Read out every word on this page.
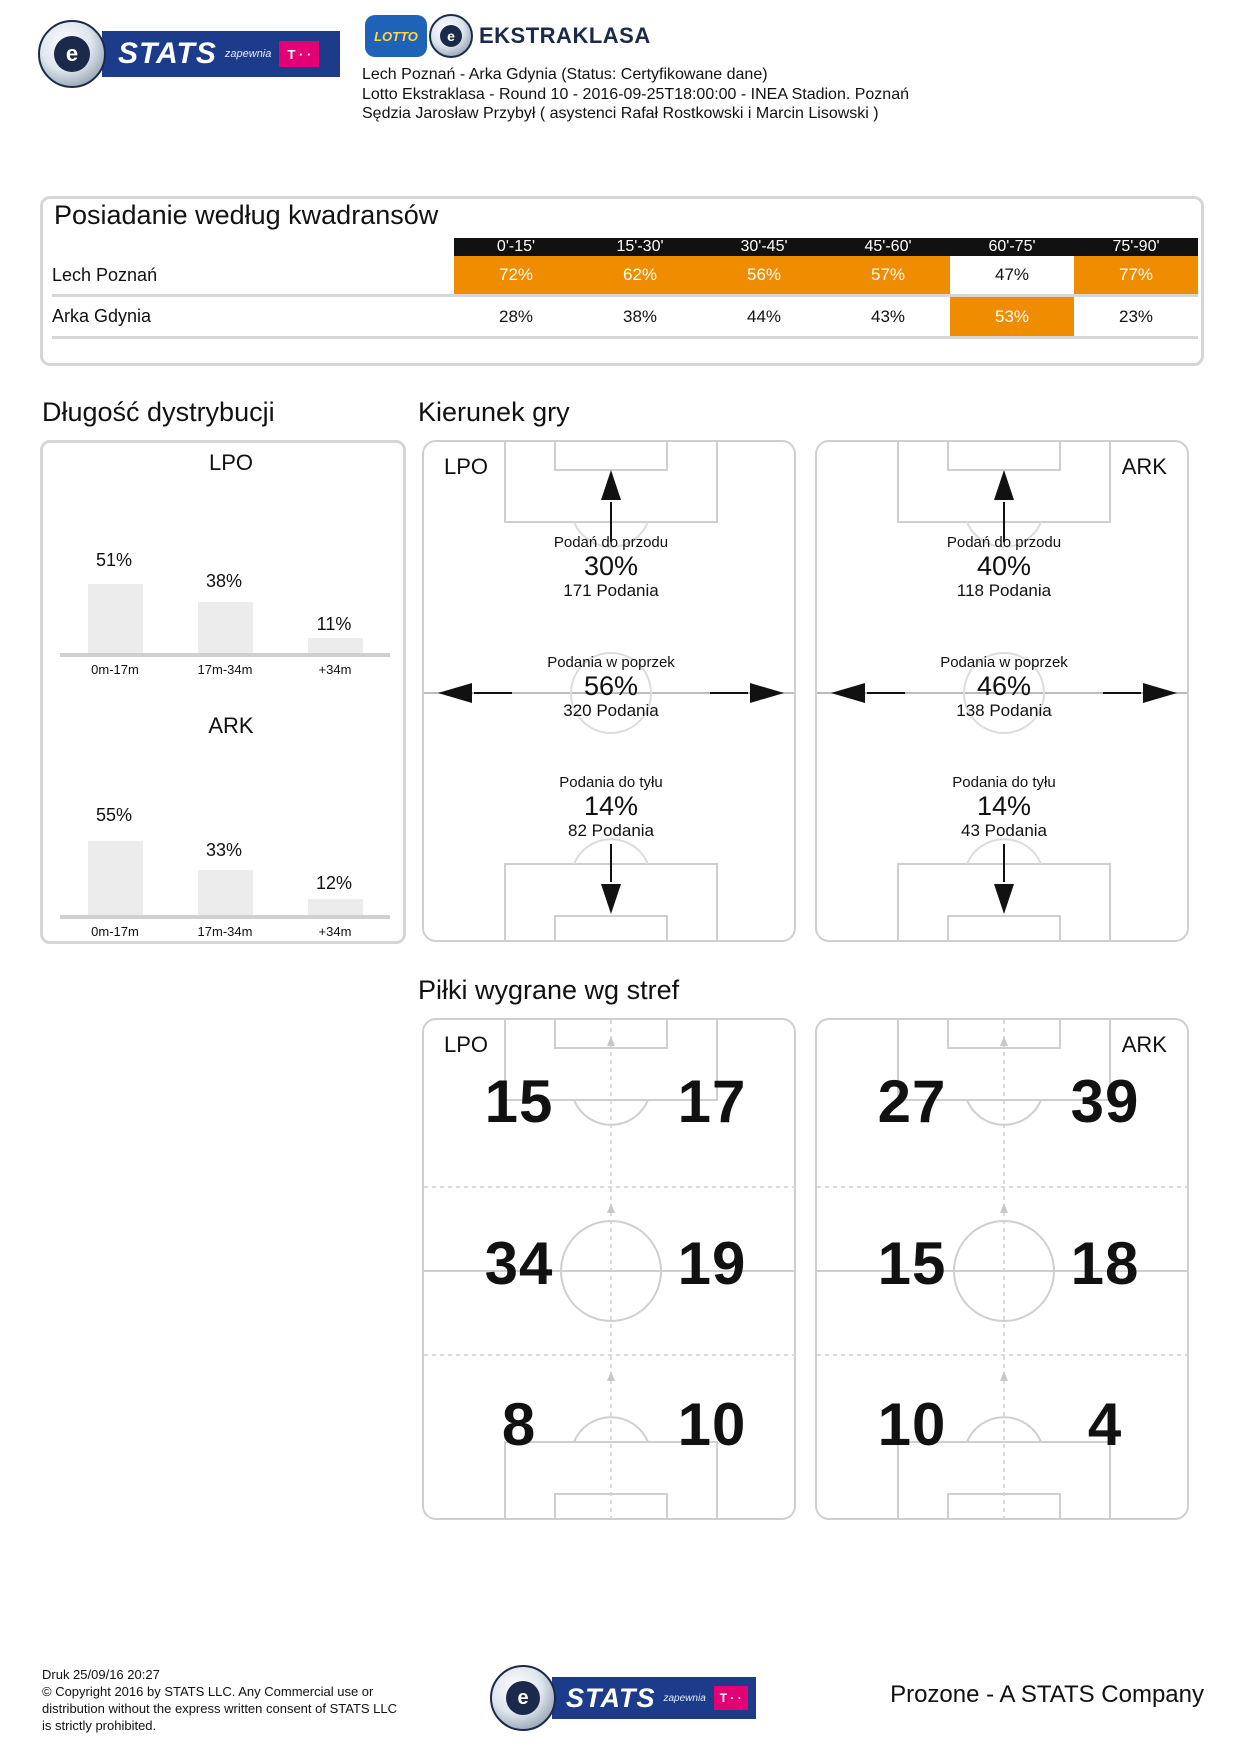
e	STATS zapewnia	T · ·
LOTTO	e	EKSTRAKLASA
Lech Poznań - Arka Gdynia (Status: Certyfikowane dane)
Lotto Ekstraklasa - Round 10 - 2016-09-25T18:00:00 - INEA Stadion. Poznań
Sędzia Jarosław Przybył ( asystenci Rafał Rostkowski i Marcin Lisowski )
Posiadanie według kwadransów
	0'-15'	15'-30'	30'-45'	45'-60'	60'-75'	75'-90'
Lech Poznań	72%	62%	56%	57%	47%	77%
Arka Gdynia	28%	38%	44%	43%	53%	23%
Długość dystrybucji
LPO
51%
38%
11%
0m-17m	17m-34m	+34m
ARK
55%
33%
12%
0m-17m	17m-34m	+34m
Kierunek gry
LPO
Podań do przodu
30%
171 Podania
Podania w poprzek
56%
320 Podania
Podania do tyłu
14%
82 Podania
ARK
Podań do przodu
40%
118 Podania
Podania w poprzek
46%
138 Podania
Podania do tyłu
14%
43 Podania
Piłki wygrane wg stref
LPO
15	17
34	19
8	10
ARK
27	39
15	18
10	4
Druk 25/09/16 20:27
© Copyright 2016 by STATS LLC. Any Commercial use or
distribution without the express written consent of STATS LLC
is strictly prohibited.
e	STATS zapewnia	T · ·	Prozone - A STATS Company
